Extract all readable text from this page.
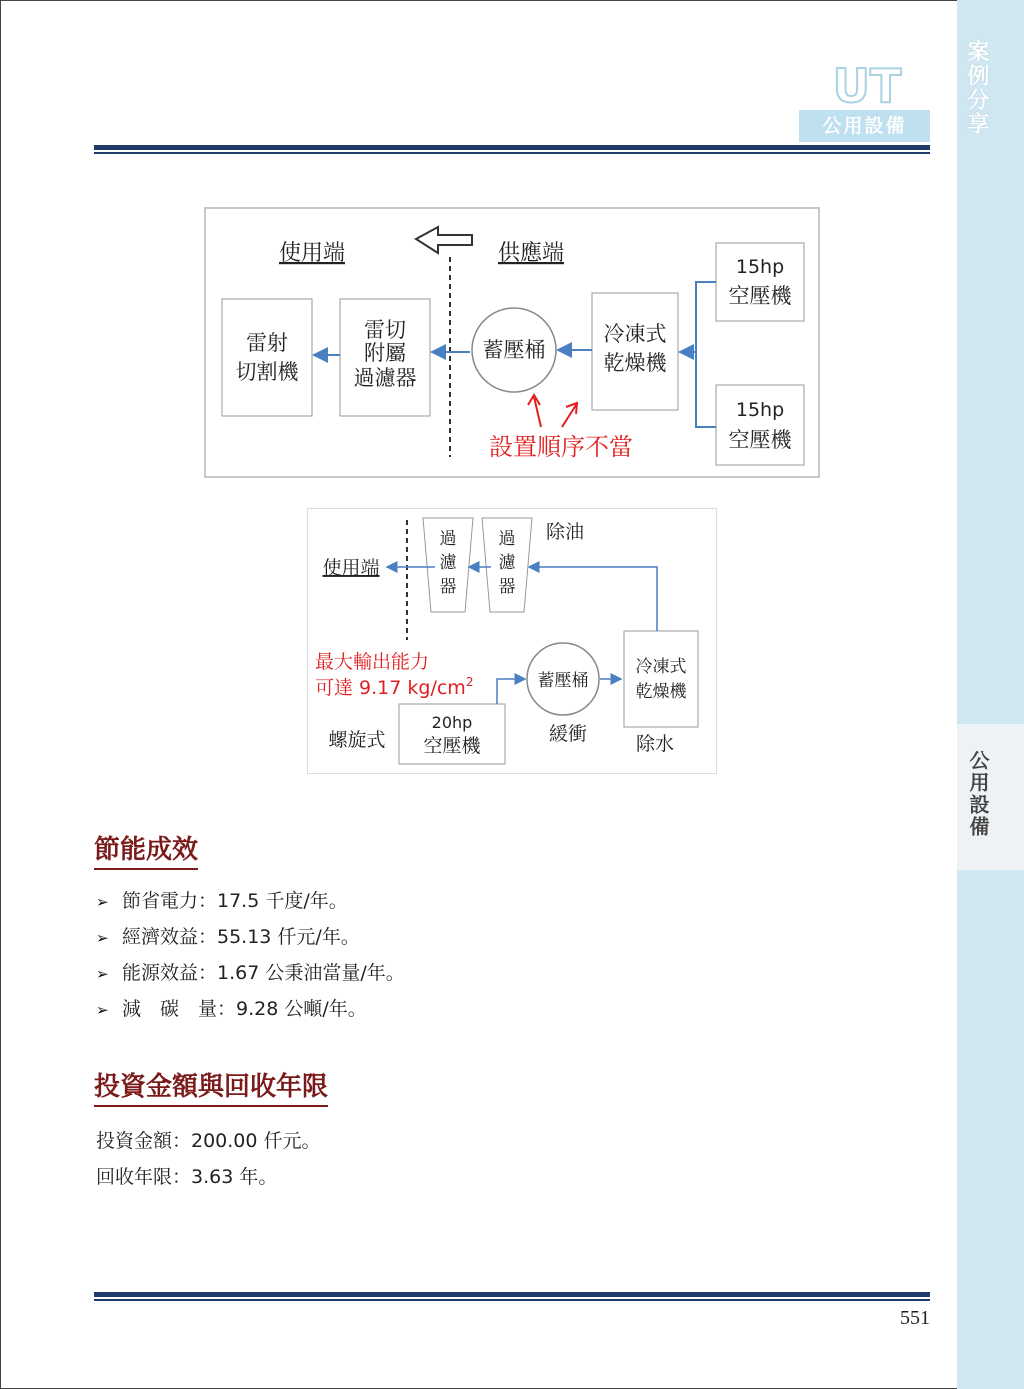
案例分享
公用設備
UT
公用設備
使用端	供應端
雷射
切割機
雷切
附屬
過濾器
蓄壓桶
冷凍式
乾燥機
15hp
空壓機
15hp
空壓機
設置順序不當
使用端
過
濾
器
過
濾
器
除油
最大輸出能力
可達 9.17 $kg/cm^2$	蓄壓桶
緩衝
冷凍式
乾燥機
除水
螺旋式
20hp
空壓機
節能成效
➢ 節省電力：17.5 千度/年。
➢ 經濟效益：55.13 仟元/年。
➢ 能源效益：1.67 公秉油當量/年。
➢ 減　碳　量：9.28 公噸/年。
投資金額與回收年限
投資金額：200.00 仟元。
回收年限：3.63 年。
551
